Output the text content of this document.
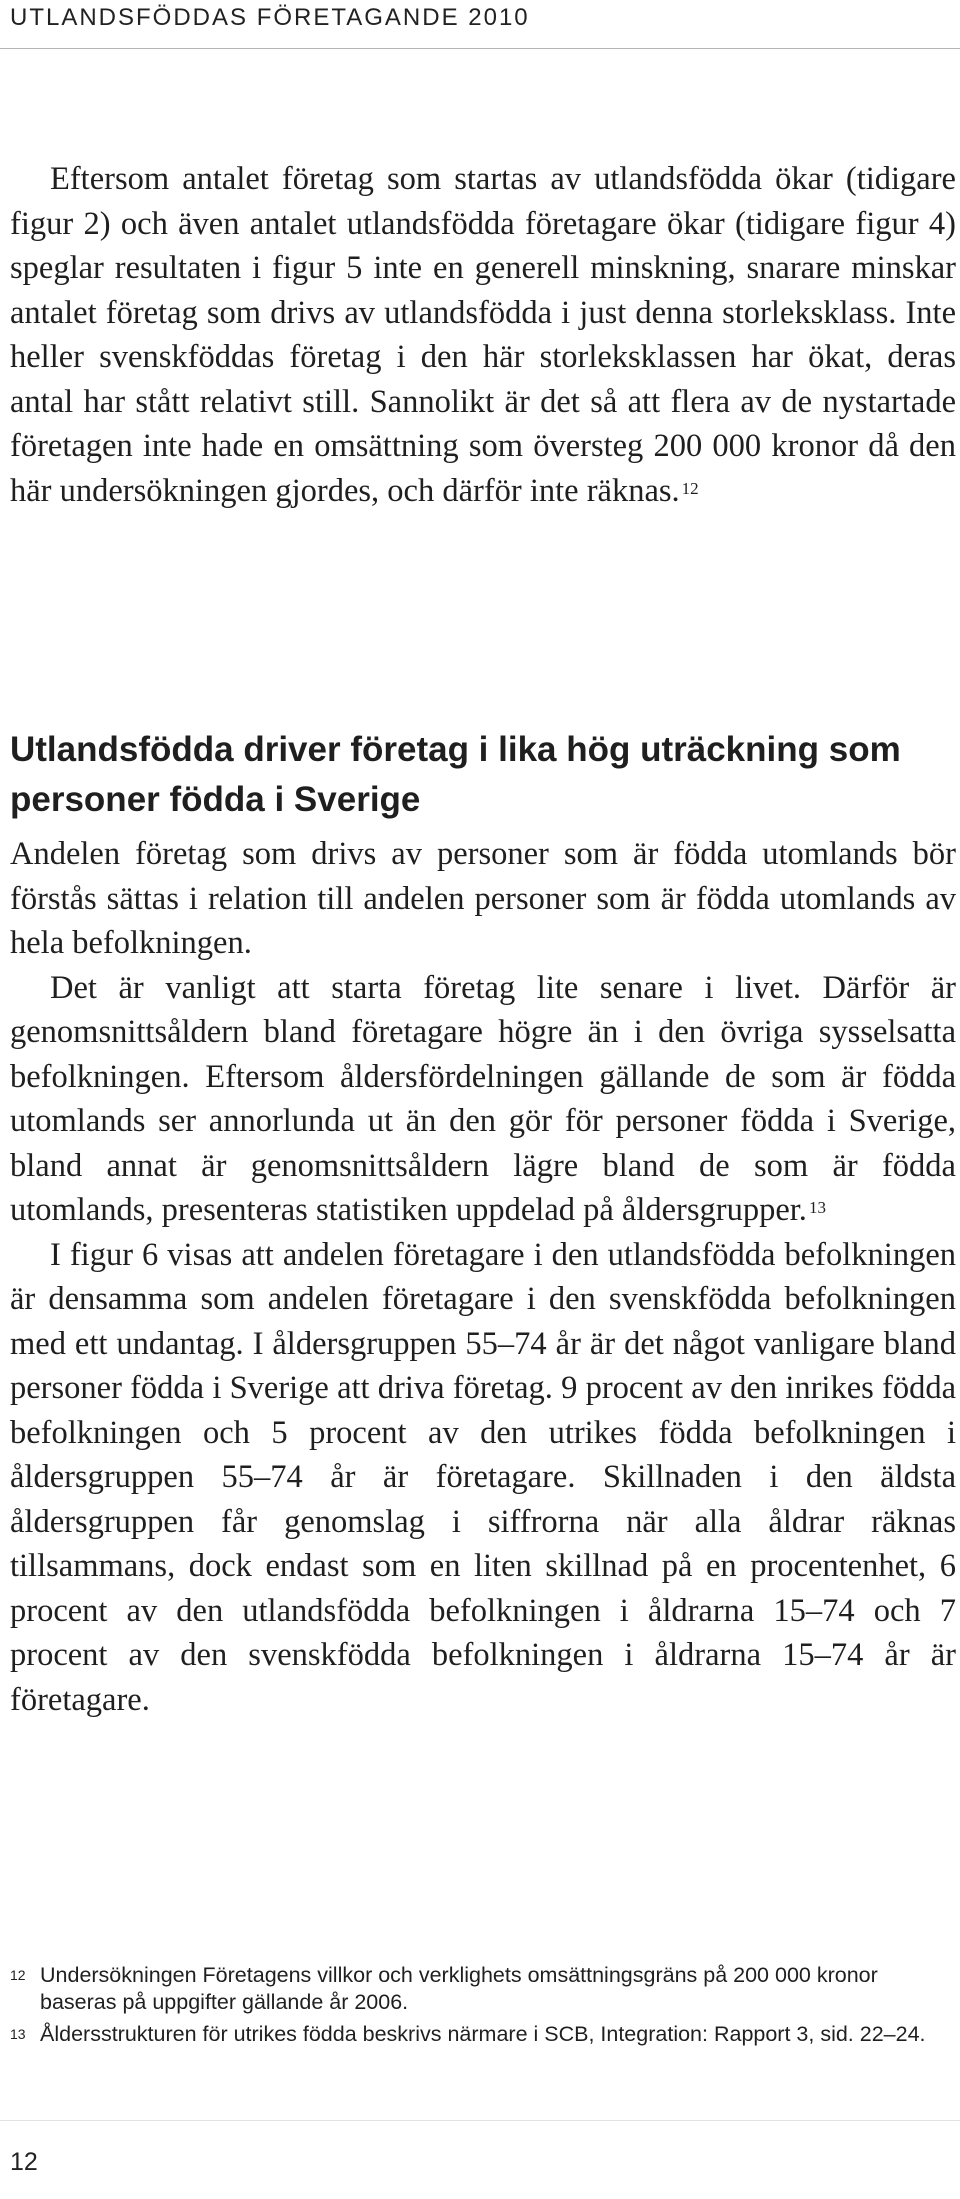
UTLANDSFÖDDAS FÖRETAGANDE 2010

Eftersom antalet företag som startas av utlandsfödda ökar (tidigare figur 2) och även antalet utlandsfödda företagare ökar (tidigare figur 4) speglar resultaten i figur 5 inte en generell minskning, snarare minskar antalet företag som drivs av utlandsfödda i just denna storleksklass. Inte heller svenskföddas företag i den här storleksklassen har ökat, deras antal har stått relativt still. Sannolikt är det så att flera av de nystartade företagen inte hade en omsättning som översteg 200 000 kronor då den här undersökningen gjordes, och därför inte räknas. $^{12}$

Utlandsfödda driver företag i lika hög uträckning som personer födda i Sverige

Andelen företag som drivs av personer som är födda utomlands bör förstås sättas i relation till andelen personer som är födda utomlands av hela befolkningen.

Det är vanligt att starta företag lite senare i livet. Därför är genomsnittsåldern bland företagare högre än i den övriga sysselsatta befolkningen. Eftersom åldersfördelningen gällande de som är födda utomlands ser annorlunda ut än den gör för personer födda i Sverige, bland annat är genomsnittsåldern lägre bland de som är födda utomlands, presenteras statistiken uppdelad på åldersgrupper. $^{13}$

I figur 6 visas att andelen företagare i den utlandsfödda befolkningen är densamma som andelen företagare i den svenskfödda befolkningen med ett undantag. I åldersgruppen 55–74 år är det något vanligare bland personer födda i Sverige att driva företag. 9 procent av den inrikes födda befolkningen och 5 procent av den utrikes födda befolkningen i åldersgruppen 55–74 år är företagare. Skillnaden i den äldsta åldersgruppen får genomslag i siffrorna när alla åldrar räknas tillsammans, dock endast som en liten skillnad på en procentenhet, 6 procent av den utlandsfödda befolkningen i åldrarna 15–74 och 7 procent av den svenskfödda befolkningen i åldrarna 15–74 år är företagare.

12 Undersökningen Företagens villkor och verklighets omsättningsgräns på 200 000 kronor baseras på uppgifter gällande år 2006.
13 Åldersstrukturen för utrikes födda beskrivs närmare i SCB, Integration: Rapport 3, sid. 22–24.
12
